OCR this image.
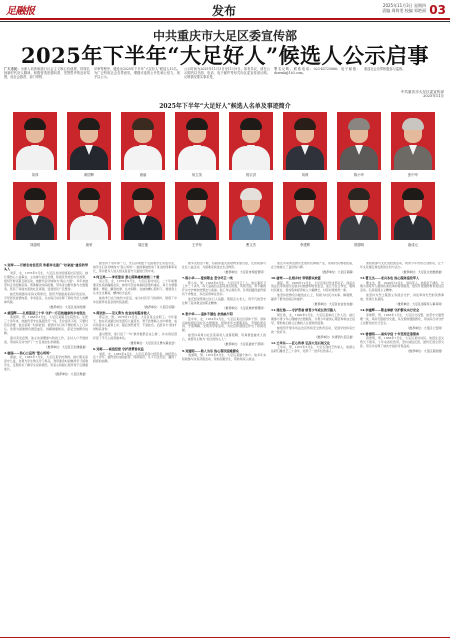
足融报	发布	2025年11月3日 星期四
责编 周筠雯 校编 邹艳丽 03
中共重庆市大足区委宣传部
2025年下半年“大足好人”候选人公示启事
广大市民：为深入培育和践行社会主义核心价值观，持续弘扬新时代好人精神，积极营造崇德向善、见贤思齐的良好氛围，经社会推荐、部门审核、
评审等程序，遴选出2025年下半年“大足好人”候选人15名。为广泛听取社会各界意见，增强评选的公开性和公信力，现予以公示。
公示时间为2025年11月3日至11月9日。如有异议，请在公示期内以书面、电话、电子邮件等形式向区委宣传部反映。反映情况要实事求是，
署名反映。联系电话：023-43725866；电子邮箱：dzwmb@163.com。
欢迎社会各界积极参与监督。
中共重庆市大足区委宣传部
2025年11月
2025年下半年“大足好人”候选人名单及事迹简介
刘萍	黄国辉	唐丽	何立英	郭宗洪	刘莉	陈小华	张中华
刘道明	唐荣	周红艳	王华东	曹文杰	李建辉	曾德明	唐成元

1.刘萍——甘做农村信息员 积极奔走推广“好家庭”建设的带头人

刘萍，女，1976年5月生，大足区龙岗街道某社区居民。她长期热心公益事业，主动参与社区治理，积极宣传党的方针政策，组织开展邻里互助活动，被群众亲切地称为“贴心大姐”。多年来她坚持走访困难家庭，帮助解决实际困难，带动身边群众参与志愿服务，营造了和谐友善的社区氛围，受到居民广泛赞誉。

她还积极推动家庭文明建设，组织开展最美家庭评选活动，引导居民崇德向善、孝老爱亲，以实际行动诠释了新时代好人的精神风貌。

（推荐单位：大足区龙岗街道）

2.黄国辉——扎根基层三十年 守护一方百姓健康的乡村医生

黄国辉，男，1968年3月生，大足区某镇卫生院医生。从医三十余年来，他始终坚守在基层医疗一线，无论刮风下雨，只要村民有需要，他总是第一时间赶到。他坚持为行动不便的老人上门问诊，免费为困难群众测量血压、讲解健康知识，深受当地群众信赖。

面对突发疫情，他主动请缨参与防控工作，走村入户开展排查，用实际行动守护了一方百姓的生命健康。

（推荐单位：大足区卫生健康委）

3.唐丽——热心公益的“爱心妈妈”

唐丽，女，1985年7月生，大足区某学校教师。她长期关爱留守儿童，自费为学生购买学习用品，利用课余时间辅导学习困难学生，定期家访了解学生家庭情况，用爱心和耐心陪伴孩子们健康成长。

（推荐单位：大足区教委）

她坚持十余年如一日，先后资助数十名困难学生完成学业，被学生们亲切地称为“爱心妈妈”。她的事迹感染了身边的同事和家长，带动更多人加入到关爱留守儿童的行列中来。

4.何立英——孝老爱亲 悉心照料瘫痪婆婆二十载

何立英，女，1970年9月生，大足区某村村民。二十年前婆婆突发疾病瘫痪在床，她毫无怨言地承担起照料重任，每天为婆婆擦身、喂饭、翻身按摩，从未间断。在她的精心照料下，婆婆身上从未生过褥疮，精神状态良好。

她的孝行在当地传为佳话，成为村民学习的榜样，展现了中华民族孝老爱亲的传统美德。

（推荐单位：大足区妇联）

5.郭宗洪——见义勇为 危急时刻挺身救人

郭宗洪，男，1979年11月生，大足区某企业职工。今年夏天，他在河边路过时发现有儿童落水，毫不犹豫跳入水中施救，成功将落水儿童救上岸，随后悄然离开，不留姓名。后经多方寻找才得知其身份。

面对赞誉，他只说了一句“换作谁都会这么做”，朴实的话语彰显了平凡人的英雄本色。

（推荐单位：大足区见义勇为基金会）

6.刘莉——诚信经营 守护消费者权益

刘莉，女，1982年4月生，大足区某商户经营者。她经营小店十余年，始终坚持诚信经营、明码标价，从不以次充好，赢得了顾客的信赖。

她多次拾金不昧，将顾客遗失的财物完璧归赵，还积极参与社区公益活动，为困难家庭送去生活物资。

（推荐单位：大足区市场监管局）

7.陈小华——爱岗敬业 坚守环卫一线

陈小华，男，1963年6月生，大足区环卫工人。他从事环卫工作二十余年，每天凌晨四点起床清扫街道，风雨无阻，用辛勤的汗水守护城市的整洁与美丽。他工作认真负责，负责的路段始终保持干净整洁，多次获得单位表彰。

他还经常帮助过往行人指路、照顾走失老人，用平凡的坚守诠释了爱岗敬业的职业精神。

（推荐单位：大足区城市管理局）

8.张中华——退休不褪色 余热映夕阳

张中华，女，1952年2月生，大足区某社区退休干部。退休后她积极投身社区志愿服务，组建老年志愿服务队，开展政策宣讲、矛盾调解、文明劝导等活动，为社区和谐稳定作出了积极贡献。

她坚持每周为社区孤寡老人送餐陪聊，用真情温暖老人的心，被居民们称为“社区的热心人”。

（推荐单位：大足区委老干部局）

9.刘道明——助人为乐 热心帮扶困难群众

刘道明，男，1972年8月生，大足区某镇个体户。他多年来积极参与扶贫济困活动，资助困难学生，帮助残疾人就业。

他还带动周边群众发展特色种植产业，帮助村民增收致富，在当地树立了良好的口碑。

（推荐单位：大足区某镇）

10.唐荣——扎根乡村 带领群众致富

唐荣，男，1988年12月生，大足区某村党支部书记。他返乡创业后带领村民发展乡村旅游和特色农业，成立专业合作社，吸纳村民就业，使村集体经济收入大幅增长，村容村貌焕然一新。

他坚持把群众冷暖放在心上，积极为村民办实事、解难题，赢得了群众的信任和拥护。

（推荐单位：大足区农业农村委）

11.周红艳——守护青春 做青少年成长的引路人

周红艳，女，1990年5月生，大足区某单位工作人员。她长期参与青少年心理辅导志愿服务，为青少年提供心理咨询和成长指导，帮助他们树立正确的人生观和价值观。

她组织开展多场法治宣传和安全教育活动，受到学校和家长的一致好评。

（推荐单位：共青团大足区委）

12.王华东——匠心传承 弘扬大足石刻文化

王华东，男，1975年3月生，大足石刻技艺传承人。他潜心钻研石雕技艺三十余年，培养了一批年轻传承人。

他积极参与文化进校园活动，向青少年传授石刻知识，让千年文化瑰宝焕发新的生机与活力。

（推荐单位：大足区文化旅游委）

13.曹文杰——老兵本色 热心服务退役军人

曹文杰，男，1948年10月生，退役军人。他退伍不褪色，长期为退役军人提供政策咨询和帮扶服务，组织开展国防教育进社区活动，弘扬爱国主义精神。

他坚持为烈士陵园义务清扫守护，讲述革命先烈的英勇事迹，传承红色基因。

（推荐单位：大足区退役军人事务局）

14.李建辉——敬业奉献 守护群众出行安全

李建辉，男，1983年1月生，大足区交巡警。他坚守交通管理一线，风雨无阻疏导交通，多次帮助遇困群众，用实际行动守护人民群众的出行安全。

（推荐单位：大足区公安局）

15.曾德明——诚实守信 十年坚持还清债务

曾德明，男，1966年7月生，大足区某村村民。他因生意失败欠下债务，十年来省吃俭用，坚持诚信还款，最终还清全部欠款，用行动诠释了诚实守信的可贵品质。

（推荐单位：大足区某街道）
